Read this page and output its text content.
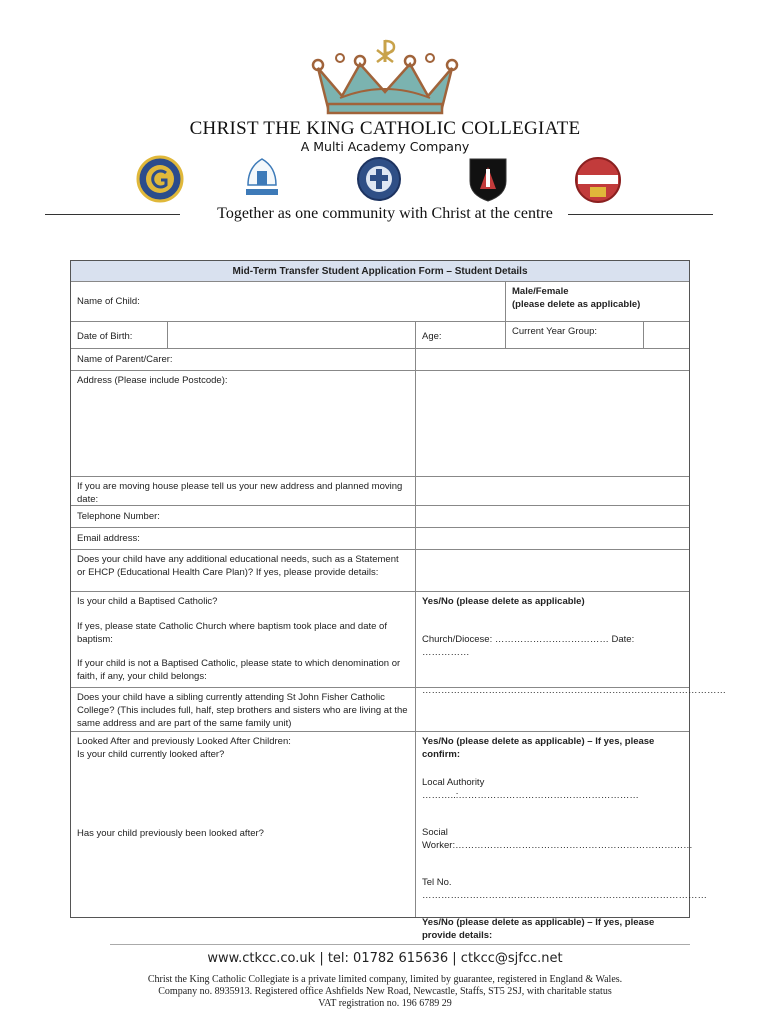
CHRIST THE KING CATHOLIC COLLEGIATE
A Multi Academy Company
Together as one community with Christ at the centre
Mid-Term Transfer Student Application Form – Student Details
Name of Child:
Male/Female
(please delete as applicable)
Date of Birth:	Age:	Current Year Group:
Name of Parent/Carer:
Address (Please include Postcode):
If you are moving house please tell us your new address and planned moving date:
Telephone Number:
Email address:
Does your child have any additional educational needs, such as a Statement or EHCP (Educational Health Care Plan)? If yes, please provide details:
Is your child a Baptised Catholic?
If yes, please state Catholic Church where baptism took place and date of baptism:
If your child is not a Baptised Catholic, please state to which denomination or faith, if any, your child belongs:
Yes/No (please delete as applicable)
Church/Diocese: ……………………………… Date: ……………
……………………………………………………………………………………
Does your child have a sibling currently attending St John Fisher Catholic College? (This includes full, half, step brothers and sisters who are living at the same address and are part of the same family unit)
Looked After and previously Looked After Children:
Is your child currently looked after?
Has your child previously been looked after?
Yes/No (please delete as applicable) – If yes, please confirm:
Local Authority ………..:…………………………………………………
Social Worker:…………………………………………………………………
Tel No. ………………………………………………………………………………
Yes/No (please delete as applicable) – If yes, please provide details:
www.ctkcc.co.uk | tel: 01782 615636 | ctkcc@sjfcc.net
Christ the King Catholic Collegiate is a private limited company, limited by guarantee, registered in England & Wales.
Company no. 8935913. Registered office Ashfields New Road, Newcastle, Staffs, ST5 2SJ, with charitable status
VAT registration no. 196 6789 29
